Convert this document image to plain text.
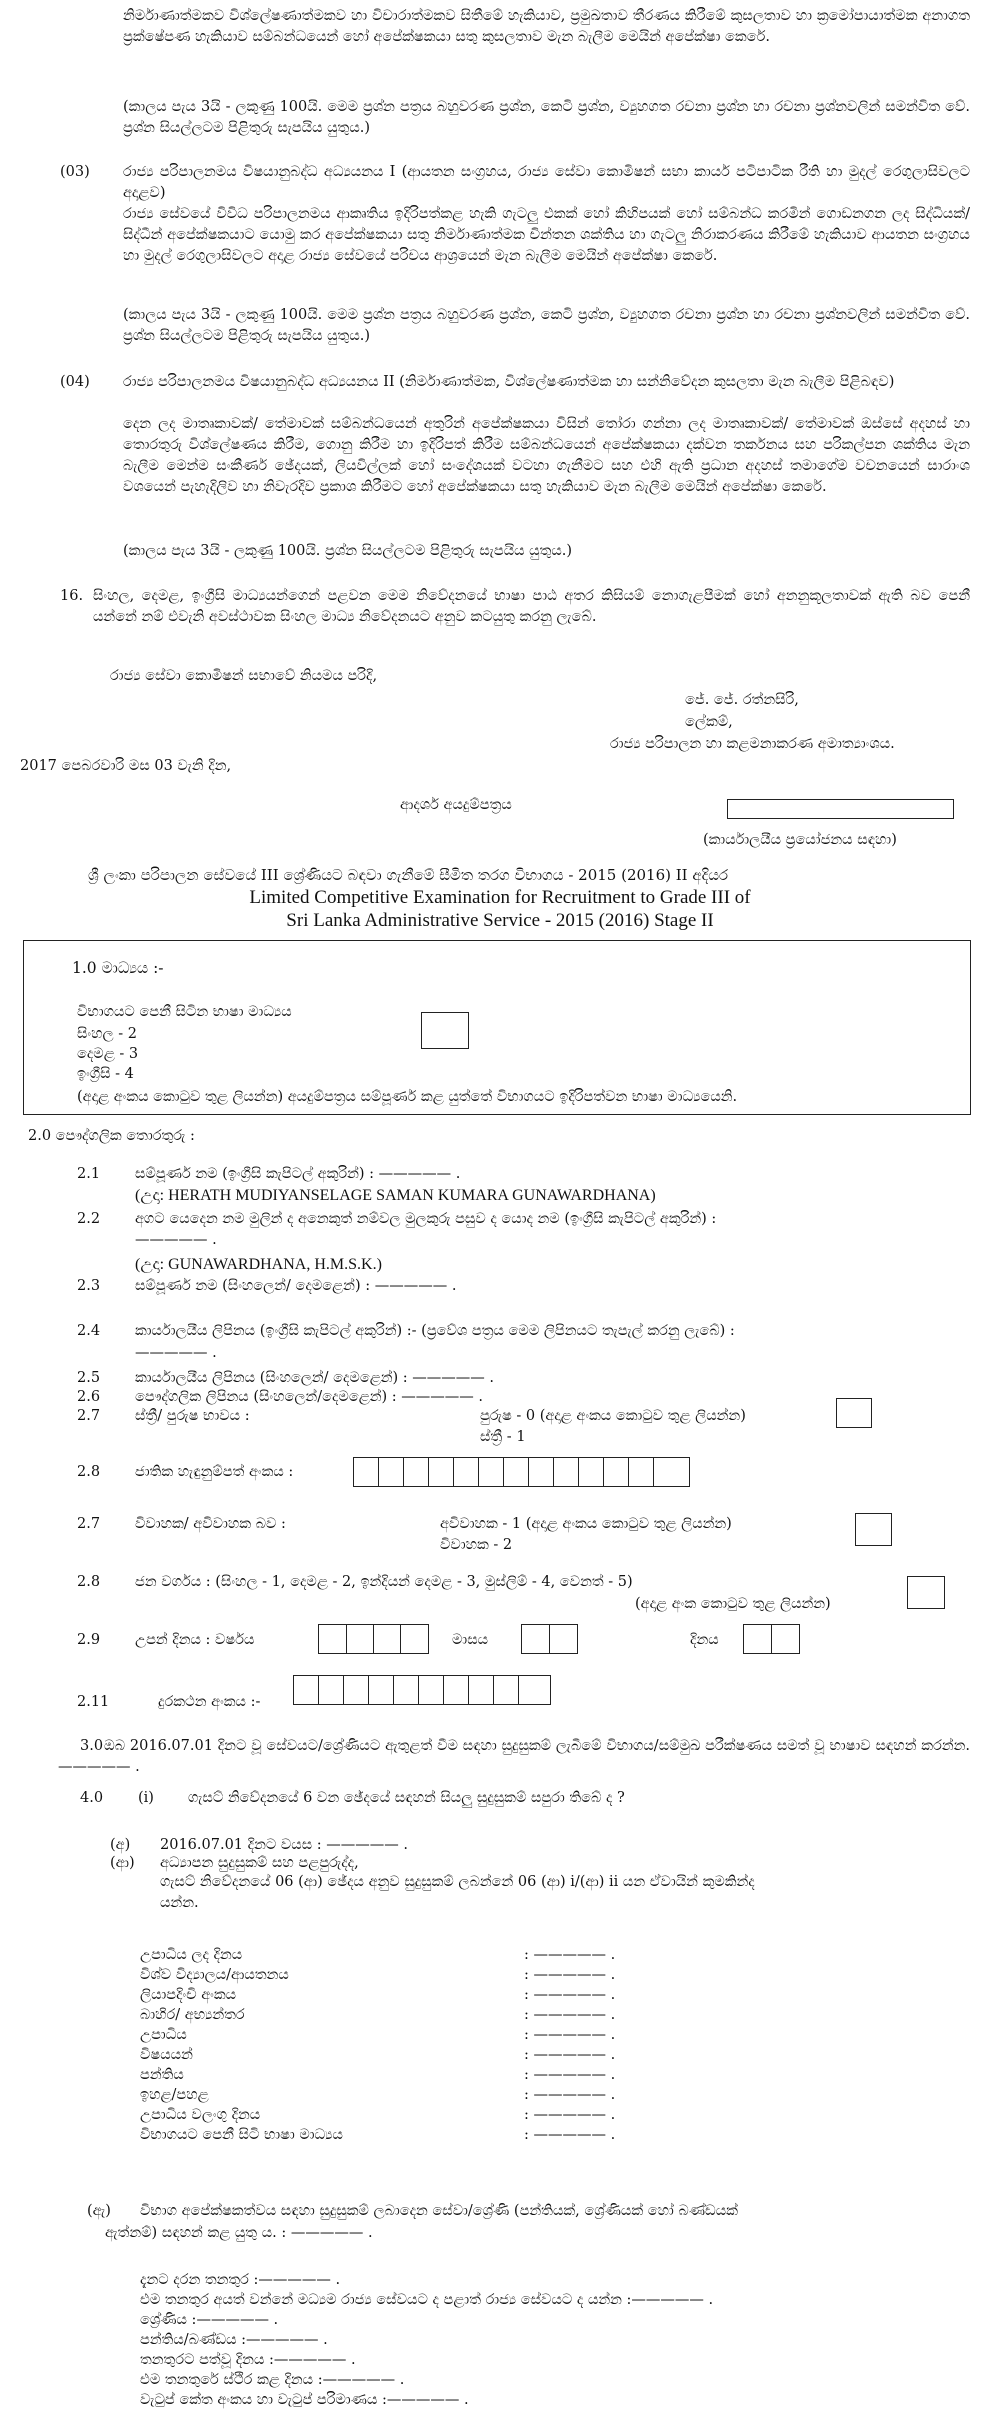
නිර්මාණාත්මකව විශ්ලේෂණාත්මකව හා විචාරාත්මකව සිතීමේ හැකියාව, ප්‍රමුඛතාව තීරණය කිරීමේ කුසලතාව හා ක්‍රමෝපායාත්මක අනාගත ප්‍රක්ෂේපණ හැකියාව සම්බන්ධයෙන් හෝ අපේක්ෂකයා සතු කුසලතාව මැන බැලීම මෙයින් අපේක්ෂා කෙරේ.
(කාලය පැය 3යි - ලකුණු 100යි. මෙම ප්‍රශ්න පත්‍රය බහුවරණ ප්‍රශ්න, කෙටි ප්‍රශ්න, ව්‍යුහගත රචනා ප්‍රශ්න හා රචනා ප්‍රශ්නවලින් සමන්විත වේ. ප්‍රශ්න සියල්ලටම පිළිතුරු සැපයිය යුතුය.)
(03) රාජ්‍ය පරිපාලනමය විෂයානුබද්ධ අධ්‍යයනය I (ආයතන සංග්‍රහය, රාජ්‍ය සේවා කොමිෂන් සභා කාර්ය පටිපාටික රීති හා මුදල් රෙගුලාසිවලට අදාළව)
රාජ්‍ය සේවයේ විවිධ පරිපාලනමය ආකෘතිය ඉදිරිපත්කළ හැකි ගැටලු එකක් හෝ කිහිපයක් හෝ සම්බන්ධ කරමින් ගොඩනගන ලද සිද්ධියක්/සිද්ධීන් අපේක්ෂකයාට යොමු කර අපේක්ෂකයා සතු නිර්මාණාත්මක චින්තන ශක්තිය හා ගැටලු නිරාකරණය කිරීමේ හැකියාව ආයතන සංග්‍රහය හා මුදල් රෙගුලාසිවලට අදාළ රාජ්‍ය සේවයේ පරිචය ආශ්‍රයෙන් මැන බැලීම මෙයින් අපේක්ෂා කෙරේ.
(කාලය පැය 3යි - ලකුණු 100යි. මෙම ප්‍රශ්න පත්‍රය බහුවරණ ප්‍රශ්න, කෙටි ප්‍රශ්න, ව්‍යුහගත රචනා ප්‍රශ්න හා රචනා ප්‍රශ්නවලින් සමන්විත වේ. ප්‍රශ්න සියල්ලටම පිළිතුරු සැපයිය යුතුය.)
(04) රාජ්‍ය පරිපාලනමය විෂයානුබද්ධ අධ්‍යයනය II (නිර්මාණාත්මක, විශ්ලේෂණාත්මක හා සන්නිවේදන කුසලතා මැන බැලීම පිළිබඳව)
දෙන ලද මාතෘකාවක්/ තේමාවක් සම්බන්ධයෙන් අතුරින් අපේක්ෂකයා විසින් තෝරා ගන්නා ලද මාතෘකාවක්/ තේමාවක් ඔස්සේ අදහස් හා තොරතුරු විශ්ලේෂණය කිරීම, ගොනු කිරීම හා ඉදිරිපත් කිරීම සම්බන්ධයෙන් අපේක්ෂකයා දක්වන තර්කනය සහ පරිකල්පන ශක්තිය මැන බැලීම මෙන්ම සංකීර්ණ ඡේදයක්, ලියවිල්ලක් හෝ සංදේශයක් වටහා ගැනීමට සහ එහි ඇති ප්‍රධාන අදහස් තමාගේම වචනයෙන් සාරාංශ වශයෙන් පැහැදිලිව හා නිවැරදිව ප්‍රකාශ කිරීමට හෝ අපේක්ෂකයා සතු හැකියාව මැන බැලීම මෙයින් අපේක්ෂා කෙරේ.
(කාලය පැය 3යි - ලකුණු 100යි. ප්‍රශ්න සියල්ලටම පිළිතුරු සැපයිය යුතුය.)
16. සිංහල, දෙමළ, ඉංග්‍රීසි මාධ්‍යයන්ගෙන් පළවන මෙම නිවේදනයේ භාෂා පාඨ අතර කිසියම් නොගැළපීමක් හෝ අනනුකූලතාවක් ඇති බව පෙනී යන්නේ නම් එවැනි අවස්ථාවක සිංහල මාධ්‍ය නිවේදනයට අනුව කටයුතු කරනු ලැබේ.
රාජ්‍ය සේවා කොමිෂන් සභාවේ නියමය පරිදි,
ජේ. ජේ. රත්නසිරි,
ලේකම්,
රාජ්‍ය පරිපාලන හා කළමනාකරණ අමාත්‍යාංශය.
2017 පෙබරවාරි මස 03 වැනි දින,
ආදර්ශ අයදුම්පත්‍රය
(කාර්යාලයීය ප්‍රයෝජනය සඳහා)
ශ්‍රී ලංකා පරිපාලන සේවයේ III ශ්‍රේණියට බඳවා ගැනීමේ සීමිත තරග විභාගය - 2015 (2016) II අදියර
Limited Competitive Examination for Recruitment to Grade III of
Sri Lanka Administrative Service - 2015 (2016) Stage II
1.0 මාධ්‍යය :-
විභාගයට පෙනී සිටින භාෂා මාධ්‍යය
සිංහල - 2
දෙමළ - 3
ඉංග්‍රීසි - 4
(අදාළ අංකය කොටුව තුළ ලියන්න) අයදුම්පත්‍රය සම්පූර්ණ කළ යුත්තේ විභාගයට ඉදිරිපත්වන භාෂා මාධ්‍යයෙනි.
2.0 පෞද්ගලික තොරතුරු :
2.1 සම්පූර්ණ නම (ඉංග්‍රීසි කැපිටල් අකුරින්) : ————— .
(උදා: HERATH MUDIYANSELAGE SAMAN KUMARA GUNAWARDHANA)
2.2 අගට යෙදෙන නම මුලින් ද අනෙකුත් නම්වල මුලකුරු පසුව ද යොද නම (ඉංග්‍රීසි කැපිටල් අකුරින්) :
————— .
(උදා: GUNAWARDHANA, H.M.S.K.)
2.3 සම්පූර්ණ නම (සිංහලෙන්/ දෙමළෙන්) : ————— .
2.4 කාර්යාලයීය ලිපිනය (ඉංග්‍රීසි කැපිටල් අකුරින්) :- (ප්‍රවේශ පත්‍රය මෙම ලිපිනයට තැපැල් කරනු ලැබේ) :
————— .
2.5 කාර්යාලයීය ලිපිනය (සිංහලෙන්/ දෙමළෙන්) : ————— .
2.6 පෞද්ගලික ලිපිනය (සිංහලෙන්/දෙමළෙන්) : ————— .
2.7 ස්ත්‍රී/ පුරුෂ භාවය :	පුරුෂ - 0 (අදාළ අංකය කොටුව තුළ ලියන්න)
ස්ත්‍රී - 1
2.8 ජාතික හැඳුනුම්පත් අංකය :
2.7 විවාහක/ අවිවාහක බව :	අවිවාහක - 1 (අදාළ අංකය කොටුව තුළ ලියන්න)
විවාහක - 2
2.8 ජන වර්ගය : (සිංහල - 1, දෙමළ - 2, ඉන්දියන් දෙමළ - 3, මුස්ලිම් - 4, වෙනත් - 5)
(අදාළ අංක කොටුව තුළ ලියන්න)
2.9 උපන් දිනය : වර්ෂය	මාසය	දිනය
2.11	දුරකථන අංකය :-
3.0 ඔබ 2016.07.01 දිනට වූ සේවයට/ශ්‍රේණියට ඇතුළත් වීම සඳහා සුදුසුකම් ලැබීමේ විභාගය/සම්මුඛ පරීක්ෂණය සමත් වූ භාෂාව සඳහන් කරන්න. ————— .
4.0 (i) ගැසට් නිවේදනයේ 6 වන ඡේදයේ සඳහන් සියලු සුදුසුකම් සපුරා තිබේ ද ?
(අ) 2016.07.01 දිනට වයස : ————— .
(ආ) අධ්‍යාපන සුදුසුකම් සහ පළපුරුද්ද,
ගැසට් නිවේදනයේ 06 (ආ) ඡේදය අනුව සුදුසුකම් ලබන්නේ 06 (ආ) i/(ආ) ii යන ඒවායින් කුමකින්ද
යන්න.
උපාධිය ලද දිනය	: ————— .
විශ්ව විද්‍යාලය/ආයතනය	: ————— .
ලියාපදිංචි අංකය	: ————— .
බාහිර/ අභ්‍යන්තර	: ————— .
උපාධිය	: ————— .
විෂයයන්	: ————— .
පන්තිය	: ————— .
ඉහළ/පහළ	: ————— .
උපාධිය වලංගු දිනය	: ————— .
විභාගයට පෙනී සිටි භාෂා මාධ්‍යය	: ————— .
(ඇ) විභාග අපේක්ෂකත්වය සඳහා සුදුසුකම් ලබාදෙන සේවා/ශ්‍රේණි (පන්තියක්, ශ්‍රේණියක් හෝ බණ්ඩයක්
ඇත්නම්) සඳහන් කළ යුතු ය. : ————— .
දැනට දරන තනතුර :————— .
එම තනතුර අයත් වන්නේ මධ්‍යම රාජ්‍ය සේවයට ද පළාත් රාජ්‍ය සේවයට ද යන්න :————— .
ශ්‍රේණිය :————— .
පන්තිය/බණ්ඩය :————— .
තනතුරට පත්වූ දිනය :————— .
එම තනතුරේ ස්ථිර කළ දිනය :————— .
වැටුප් කේත අංකය හා වැටුප් පරිමාණය :————— .
